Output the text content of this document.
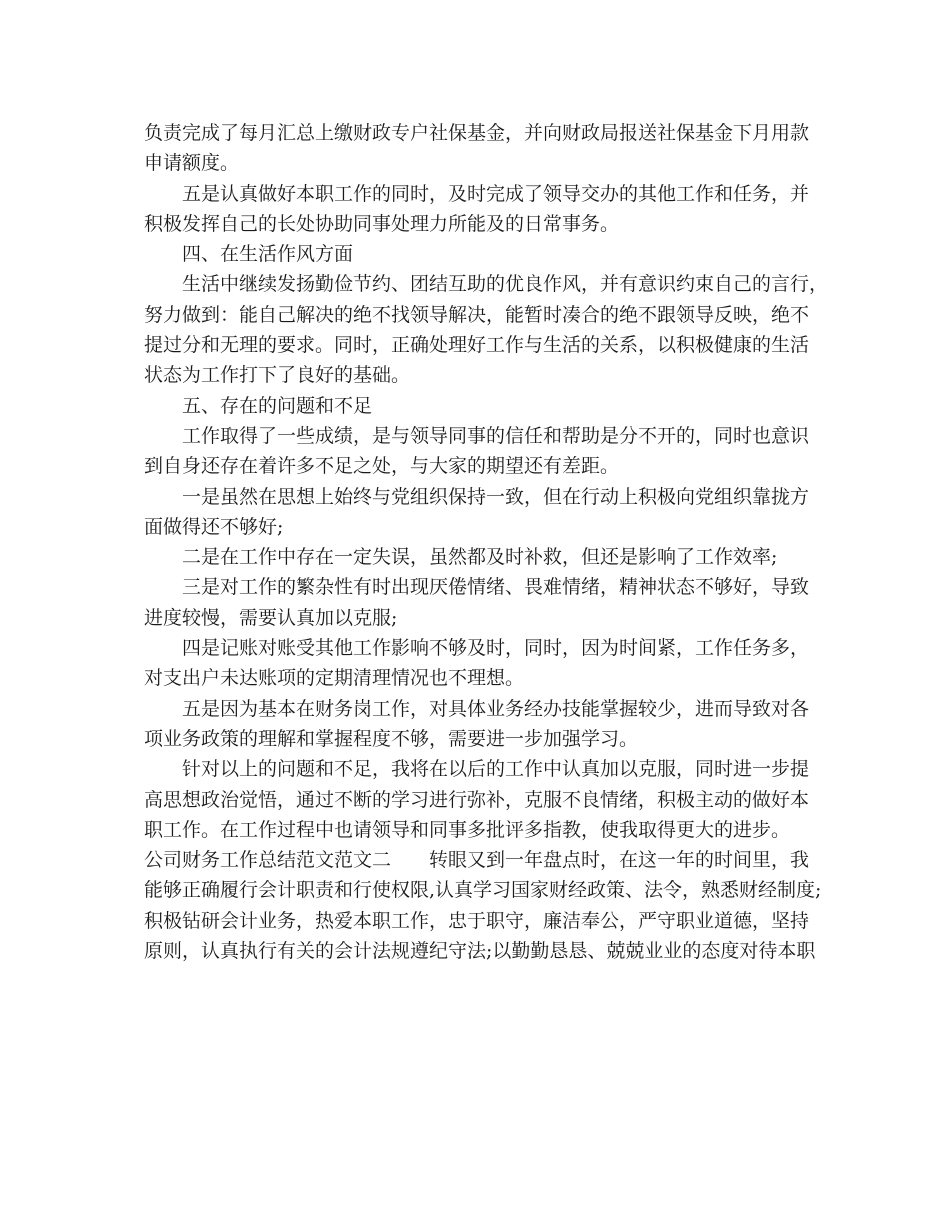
负责完成了每月汇总上缴财政专户社保基金，并向财政局报送社保基金下月用款
申请额度。
五是认真做好本职工作的同时，及时完成了领导交办的其他工作和任务，并
积极发挥自己的长处协助同事处理力所能及的日常事务。
四、在生活作风方面
生活中继续发扬勤俭节约、团结互助的优良作风，并有意识约束自己的言行，
努力做到：能自己解决的绝不找领导解决，能暂时凑合的绝不跟领导反映，绝不
提过分和无理的要求。同时，正确处理好工作与生活的关系，以积极健康的生活
状态为工作打下了良好的基础。
五、存在的问题和不足
工作取得了一些成绩，是与领导同事的信任和帮助是分不开的，同时也意识
到自身还存在着许多不足之处，与大家的期望还有差距。
一是虽然在思想上始终与党组织保持一致，但在行动上积极向党组织靠拢方
面做得还不够好;
二是在工作中存在一定失误，虽然都及时补救，但还是影响了工作效率;
三是对工作的繁杂性有时出现厌倦情绪、畏难情绪，精神状态不够好，导致
进度较慢，需要认真加以克服;
四是记账对账受其他工作影响不够及时，同时，因为时间紧，工作任务多，
对支出户未达账项的定期清理情况也不理想。
五是因为基本在财务岗工作，对具体业务经办技能掌握较少，进而导致对各
项业务政策的理解和掌握程度不够，需要进一步加强学习。
针对以上的问题和不足，我将在以后的工作中认真加以克服，同时进一步提
高思想政治觉悟，通过不断的学习进行弥补，克服不良情绪，积极主动的做好本
职工作。在工作过程中也请领导和同事多批评多指教，使我取得更大的进步。
公司财务工作总结范文范文二　　转眼又到一年盘点时，在这一年的时间里，我
能够正确履行会计职责和行使权限,认真学习国家财经政策、法令，熟悉财经制度;
积极钻研会计业务，热爱本职工作，忠于职守，廉洁奉公，严守职业道德，坚持
原则，认真执行有关的会计法规遵纪守法;以勤勤恳恳、兢兢业业的态度对待本职
